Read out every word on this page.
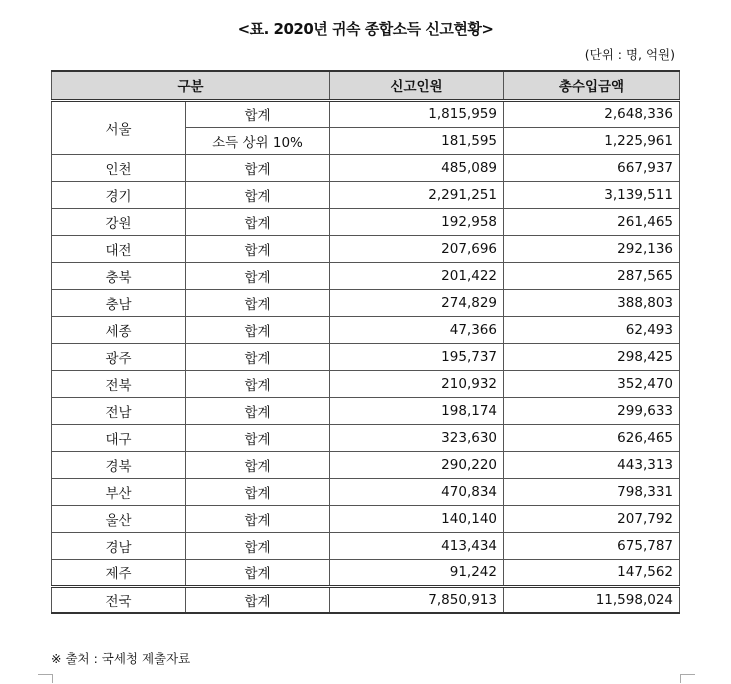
<표. 2020년 귀속 종합소득 신고현황>
(단위 : 명, 억원)
구분		신고인원	총수입금액
서울	합계	1,815,959	2,648,336
	소득 상위 10%	181,595	1,225,961
인천	합계	485,089	667,937
경기	합계	2,291,251	3,139,511
강원	합계	192,958	261,465
대전	합계	207,696	292,136
충북	합계	201,422	287,565
충남	합계	274,829	388,803
세종	합계	47,366	62,493
광주	합계	195,737	298,425
전북	합계	210,932	352,470
전남	합계	198,174	299,633
대구	합계	323,630	626,465
경북	합계	290,220	443,313
부산	합계	470,834	798,331
울산	합계	140,140	207,792
경남	합계	413,434	675,787
제주	합계	91,242	147,562
전국	합계	7,850,913	11,598,024
※ 출처 : 국세청 제출자료
